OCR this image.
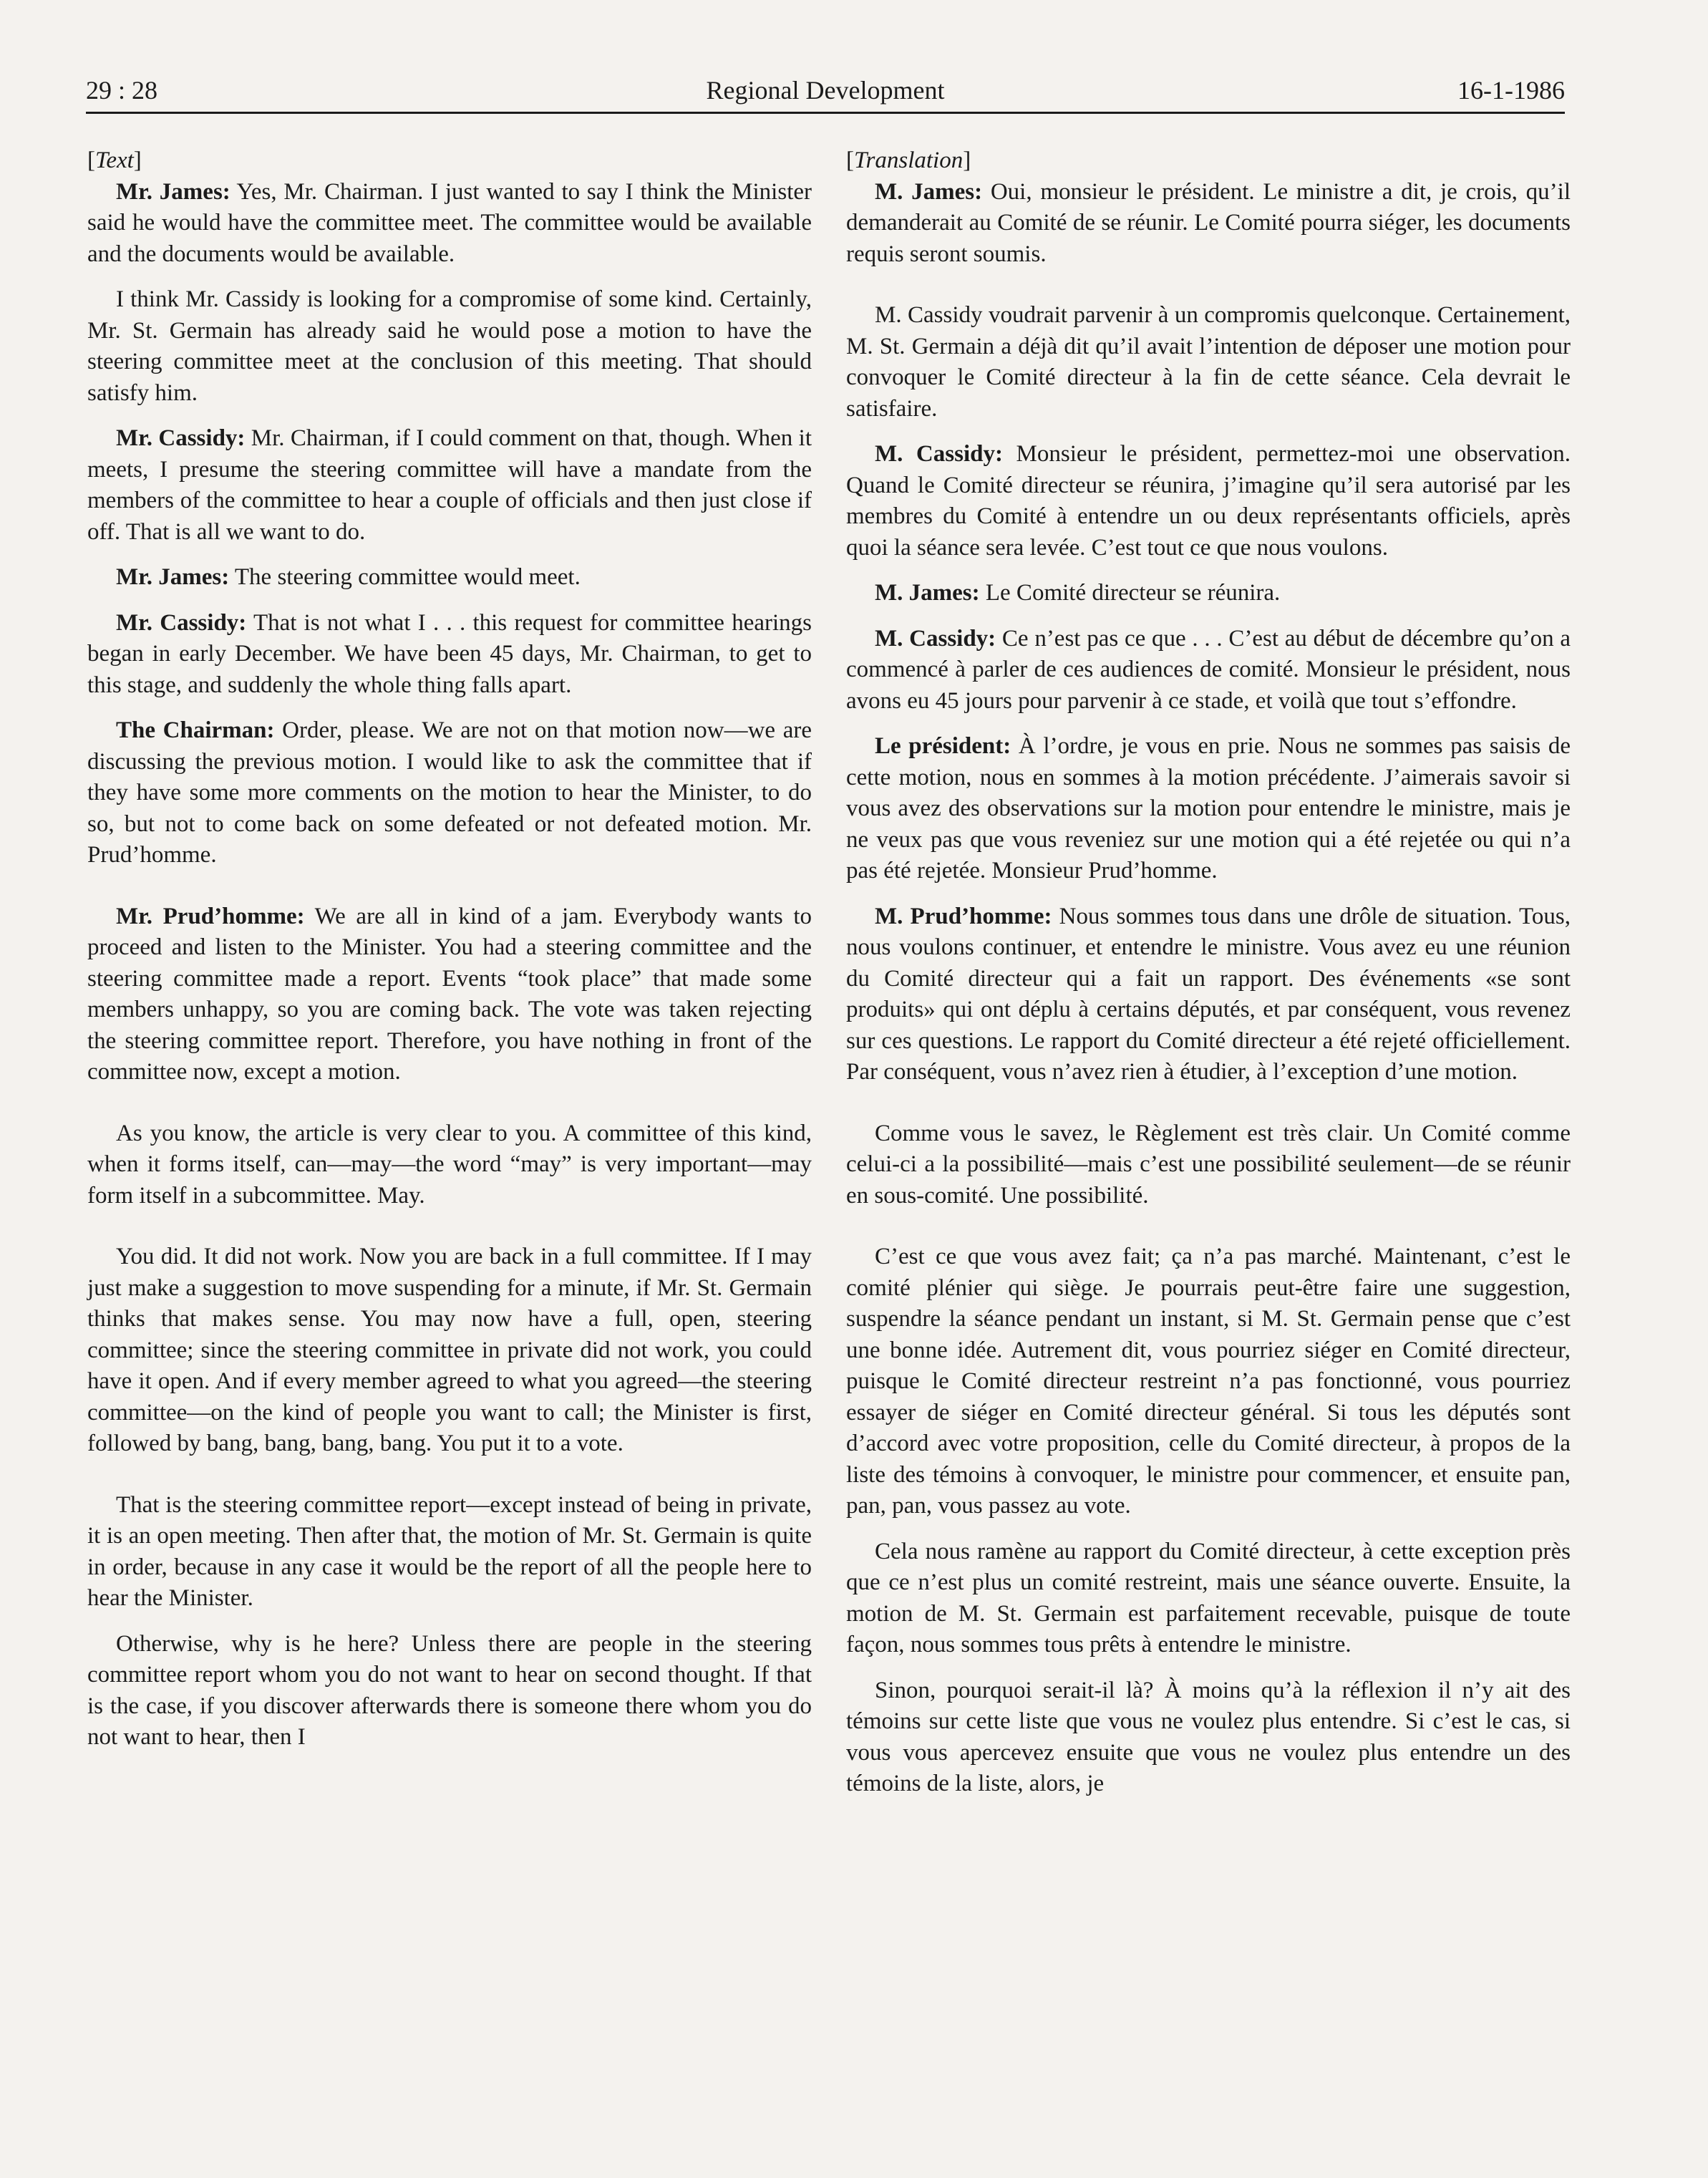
29 : 28	Regional Development	16-1-1986

[Text]

Mr. James: Yes, Mr. Chairman. I just wanted to say I think the Minister said he would have the committee meet. The committee would be available and the documents would be available.

I think Mr. Cassidy is looking for a compromise of some kind. Certainly, Mr. St. Germain has already said he would pose a motion to have the steering committee meet at the conclusion of this meeting. That should satisfy him.

Mr. Cassidy: Mr. Chairman, if I could comment on that, though. When it meets, I presume the steering committee will have a mandate from the members of the committee to hear a couple of officials and then just close if off. That is all we want to do.

Mr. James: The steering committee would meet.

Mr. Cassidy: That is not what I . . . this request for committee hearings began in early December. We have been 45 days, Mr. Chairman, to get to this stage, and suddenly the whole thing falls apart.

The Chairman: Order, please. We are not on that motion now—we are discussing the previous motion. I would like to ask the committee that if they have some more comments on the motion to hear the Minister, to do so, but not to come back on some defeated or not defeated motion. Mr. Prud’homme.

Mr. Prud’homme: We are all in kind of a jam. Everybody wants to proceed and listen to the Minister. You had a steering committee and the steering committee made a report. Events “took place” that made some members unhappy, so you are coming back. The vote was taken rejecting the steering committee report. Therefore, you have nothing in front of the committee now, except a motion.

As you know, the article is very clear to you. A committee of this kind, when it forms itself, can—may—the word “may” is very important—may form itself in a subcommittee. May.

You did. It did not work. Now you are back in a full committee. If I may just make a suggestion to move suspending for a minute, if Mr. St. Germain thinks that makes sense. You may now have a full, open, steering committee; since the steering committee in private did not work, you could have it open. And if every member agreed to what you agreed—the steering committee—on the kind of people you want to call; the Minister is first, followed by bang, bang, bang, bang. You put it to a vote.

That is the steering committee report—except instead of being in private, it is an open meeting. Then after that, the motion of Mr. St. Germain is quite in order, because in any case it would be the report of all the people here to hear the Minister.

Otherwise, why is he here? Unless there are people in the steering committee report whom you do not want to hear on second thought. If that is the case, if you discover afterwards there is someone there whom you do not want to hear, then I

[Translation]

M. James: Oui, monsieur le président. Le ministre a dit, je crois, qu’il demanderait au Comité de se réunir. Le Comité pourra siéger, les documents requis seront soumis.

M. Cassidy voudrait parvenir à un compromis quelconque. Certainement, M. St. Germain a déjà dit qu’il avait l’intention de déposer une motion pour convoquer le Comité directeur à la fin de cette séance. Cela devrait le satisfaire.

M. Cassidy: Monsieur le président, permettez-moi une observation. Quand le Comité directeur se réunira, j’imagine qu’il sera autorisé par les membres du Comité à entendre un ou deux représentants officiels, après quoi la séance sera levée. C’est tout ce que nous voulons.

M. James: Le Comité directeur se réunira.

M. Cassidy: Ce n’est pas ce que . . . C’est au début de décembre qu’on a commencé à parler de ces audiences de comité. Monsieur le président, nous avons eu 45 jours pour parvenir à ce stade, et voilà que tout s’effondre.

Le président: À l’ordre, je vous en prie. Nous ne sommes pas saisis de cette motion, nous en sommes à la motion précédente. J’aimerais savoir si vous avez des observations sur la motion pour entendre le ministre, mais je ne veux pas que vous reveniez sur une motion qui a été rejetée ou qui n’a pas été rejetée. Monsieur Prud’homme.

M. Prud’homme: Nous sommes tous dans une drôle de situation. Tous, nous voulons continuer, et entendre le ministre. Vous avez eu une réunion du Comité directeur qui a fait un rapport. Des événements «se sont produits» qui ont déplu à certains députés, et par conséquent, vous revenez sur ces questions. Le rapport du Comité directeur a été rejeté officiellement. Par conséquent, vous n’avez rien à étudier, à l’exception d’une motion.

Comme vous le savez, le Règlement est très clair. Un Comité comme celui-ci a la possibilité—mais c’est une possibilité seulement—de se réunir en sous-comité. Une possibilité.

C’est ce que vous avez fait; ça n’a pas marché. Maintenant, c’est le comité plénier qui siège. Je pourrais peut-être faire une suggestion, suspendre la séance pendant un instant, si M. St. Germain pense que c’est une bonne idée. Autrement dit, vous pourriez siéger en Comité directeur, puisque le Comité directeur restreint n’a pas fonctionné, vous pourriez essayer de siéger en Comité directeur général. Si tous les députés sont d’accord avec votre proposition, celle du Comité directeur, à propos de la liste des témoins à convoquer, le ministre pour commencer, et ensuite pan, pan, pan, vous passez au vote.

Cela nous ramène au rapport du Comité directeur, à cette exception près que ce n’est plus un comité restreint, mais une séance ouverte. Ensuite, la motion de M. St. Germain est parfaitement recevable, puisque de toute façon, nous sommes tous prêts à entendre le ministre.

Sinon, pourquoi serait-il là? À moins qu’à la réflexion il n’y ait des témoins sur cette liste que vous ne voulez plus entendre. Si c’est le cas, si vous vous apercevez ensuite que vous ne voulez plus entendre un des témoins de la liste, alors, je
